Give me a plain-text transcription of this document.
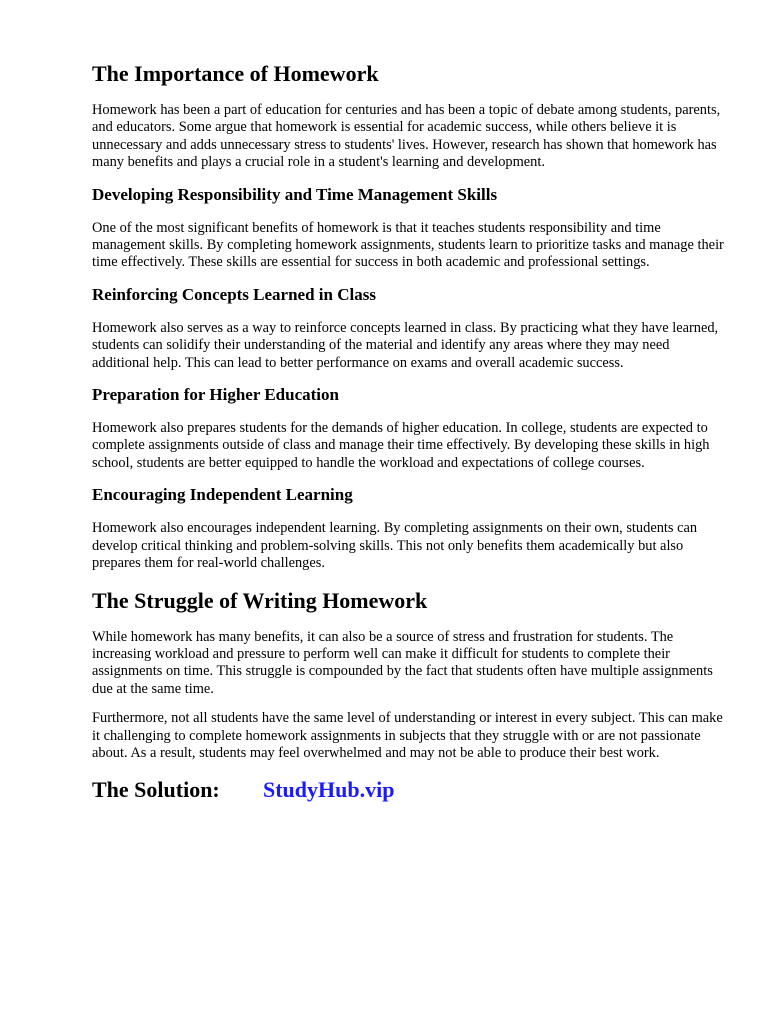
The Importance of Homework

Homework has been a part of education for centuries and has been a topic of debate among students, parents, and educators. Some argue that homework is essential for academic success, while others believe it is unnecessary and adds unnecessary stress to students' lives. However, research has shown that homework has many benefits and plays a crucial role in a student's learning and development.

Developing Responsibility and Time Management Skills

One of the most significant benefits of homework is that it teaches students responsibility and time management skills. By completing homework assignments, students learn to prioritize tasks and manage their time effectively. These skills are essential for success in both academic and professional settings.

Reinforcing Concepts Learned in Class

Homework also serves as a way to reinforce concepts learned in class. By practicing what they have learned, students can solidify their understanding of the material and identify any areas where they may need additional help. This can lead to better performance on exams and overall academic success.

Preparation for Higher Education

Homework also prepares students for the demands of higher education. In college, students are expected to complete assignments outside of class and manage their time effectively. By developing these skills in high school, students are better equipped to handle the workload and expectations of college courses.

Encouraging Independent Learning

Homework also encourages independent learning. By completing assignments on their own, students can develop critical thinking and problem-solving skills. This not only benefits them academically but also prepares them for real-world challenges.

The Struggle of Writing Homework

While homework has many benefits, it can also be a source of stress and frustration for students. The increasing workload and pressure to perform well can make it difficult for students to complete their assignments on time. This struggle is compounded by the fact that students often have multiple assignments due at the same time.

Furthermore, not all students have the same level of understanding or interest in every subject. This can make it challenging to complete homework assignments in subjects that they struggle with or are not passionate about. As a result, students may feel overwhelmed and may not be able to produce their best work.

The Solution:	StudyHub.vip
